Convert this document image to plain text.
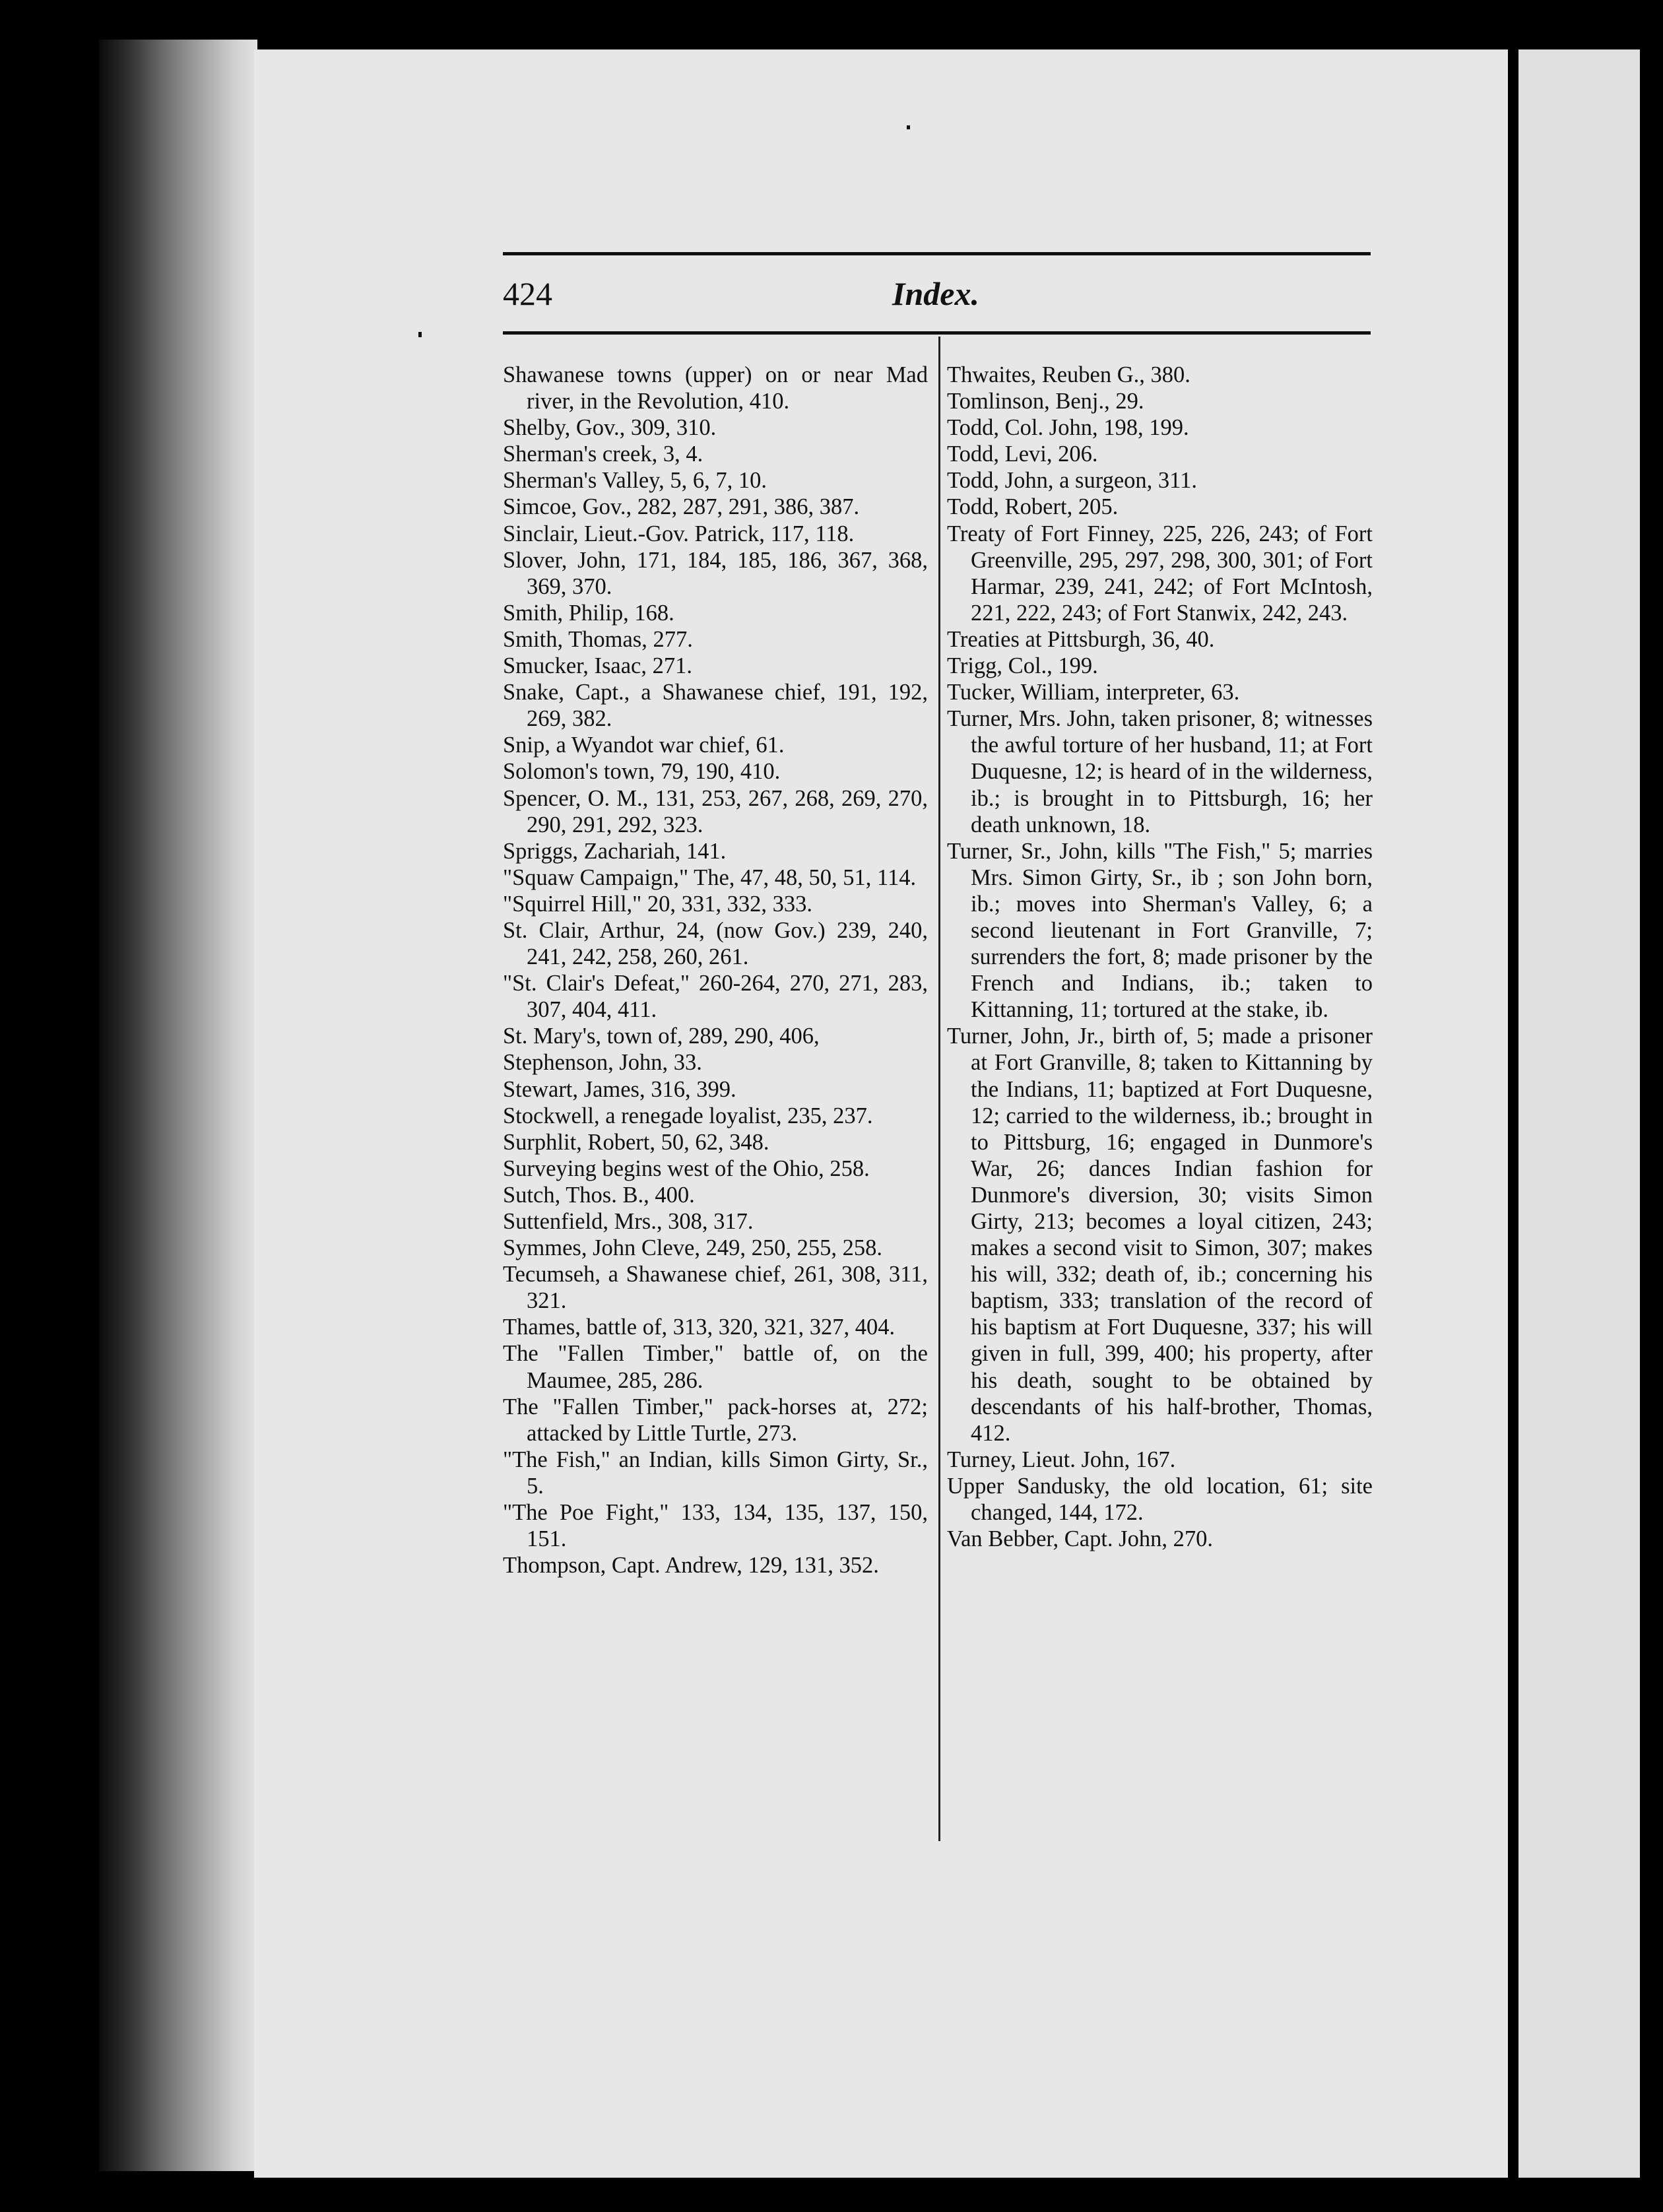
424	Index.

Shawanese towns (upper) on or near Mad river, in the Revolution, 410.

Shelby, Gov., 309, 310.

Sherman's creek, 3, 4.

Sherman's Valley, 5, 6, 7, 10.

Simcoe, Gov., 282, 287, 291, 386, 387.

Sinclair, Lieut.-Gov. Patrick, 117, 118.

Slover, John, 171, 184, 185, 186, 367, 368, 369, 370.

Smith, Philip, 168.

Smith, Thomas, 277.

Smucker, Isaac, 271.

Snake, Capt., a Shawanese chief, 191, 192, 269, 382.

Snip, a Wyandot war chief, 61.

Solomon's town, 79, 190, 410.

Spencer, O. M., 131, 253, 267, 268, 269, 270, 290, 291, 292, 323.

Spriggs, Zachariah, 141.

"Squaw Campaign," The, 47, 48, 50, 51, 114.

"Squirrel Hill," 20, 331, 332, 333.

St. Clair, Arthur, 24, (now Gov.) 239, 240, 241, 242, 258, 260, 261.

"St. Clair's Defeat," 260-264, 270, 271, 283, 307, 404, 411.

St. Mary's, town of, 289, 290, 406,

Stephenson, John, 33.

Stewart, James, 316, 399.

Stockwell, a renegade loyalist, 235, 237.

Surphlit, Robert, 50, 62, 348.

Surveying begins west of the Ohio, 258.

Sutch, Thos. B., 400.

Suttenfield, Mrs., 308, 317.

Symmes, John Cleve, 249, 250, 255, 258.

Tecumseh, a Shawanese chief, 261, 308, 311, 321.

Thames, battle of, 313, 320, 321, 327, 404.

The "Fallen Timber," battle of, on the Maumee, 285, 286.

The "Fallen Timber," pack-horses at, 272; attacked by Little Turtle, 273.

"The Fish," an Indian, kills Simon Girty, Sr., 5.

"The Poe Fight," 133, 134, 135, 137, 150, 151.

Thompson, Capt. Andrew, 129, 131, 352.

Thwaites, Reuben G., 380.

Tomlinson, Benj., 29.

Todd, Col. John, 198, 199.

Todd, Levi, 206.

Todd, John, a surgeon, 311.

Todd, Robert, 205.

Treaty of Fort Finney, 225, 226, 243; of Fort Greenville, 295, 297, 298, 300, 301; of Fort Harmar, 239, 241, 242; of Fort McIntosh, 221, 222, 243; of Fort Stanwix, 242, 243.

Treaties at Pittsburgh, 36, 40.

Trigg, Col., 199.

Tucker, William, interpreter, 63.

Turner, Mrs. John, taken prisoner, 8; witnesses the awful torture of her husband, 11; at Fort Duquesne, 12; is heard of in the wilderness, ib.; is brought in to Pittsburgh, 16; her death unknown, 18.

Turner, Sr., John, kills "The Fish," 5; marries Mrs. Simon Girty, Sr., ib ; son John born, ib.; moves into Sherman's Valley, 6; a second lieutenant in Fort Granville, 7; surrenders the fort, 8; made prisoner by the French and Indians, ib.; taken to Kittanning, 11; tortured at the stake, ib.

Turner, John, Jr., birth of, 5; made a prisoner at Fort Granville, 8; taken to Kittanning by the Indians, 11; baptized at Fort Duquesne, 12; carried to the wilderness, ib.; brought in to Pittsburg, 16; engaged in Dunmore's War, 26; dances Indian fashion for Dunmore's diversion, 30; visits Simon Girty, 213; becomes a loyal citizen, 243; makes a second visit to Simon, 307; makes his will, 332; death of, ib.; concerning his baptism, 333; translation of the record of his baptism at Fort Duquesne, 337; his will given in full, 399, 400; his property, after his death, sought to be obtained by descendants of his half-brother, Thomas, 412.

Turney, Lieut. John, 167.

Upper Sandusky, the old location, 61; site changed, 144, 172.

Van Bebber, Capt. John, 270.
